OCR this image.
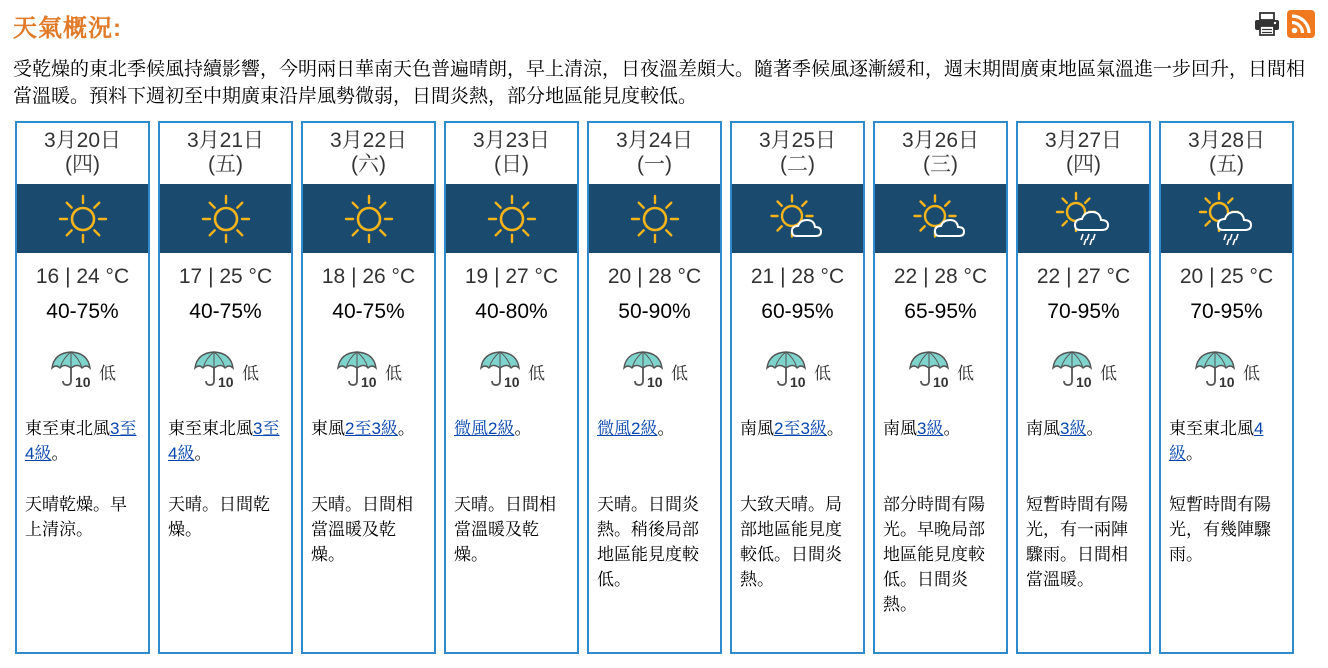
天氣概況:
受乾燥的東北季候風持續影響，今明兩日華南天色普遍晴朗，早上清涼，日夜溫差頗大。隨著季候風逐漸緩和，週末期間廣東地區氣溫進一步回升，日間相當溫暖。預料下週初至中期廣東沿岸風勢微弱，日間炎熱，部分地區能見度較低。
3月20日
(四)
16 | 24 °C
40-75%
10 低
東至東北風3至4級。
天晴乾燥。早上清涼。
3月21日
(五)
17 | 25 °C
40-75%
10 低
東至東北風3至4級。
天晴。日間乾燥。
3月22日
(六)
18 | 26 °C
40-75%
10 低
東風2至3級。
天晴。日間相當溫暖及乾燥。
3月23日
(日)
19 | 27 °C
40-80%
10 低
微風2級。
天晴。日間相當溫暖及乾燥。
3月24日
(一)
20 | 28 °C
50-90%
10 低
微風2級。
天晴。日間炎熱。稍後局部地區能見度較低。
3月25日
(二)
21 | 28 °C
60-95%
10 低
南風2至3級。
大致天晴。局部地區能見度較低。日間炎熱。
3月26日
(三)
22 | 28 °C
65-95%
10 低
南風3級。
部分時間有陽光。早晚局部地區能見度較低。日間炎熱。
3月27日
(四)
22 | 27 °C
70-95%
10 低
南風3級。
短暫時間有陽光，有一兩陣驟雨。日間相當溫暖。
3月28日
(五)
20 | 25 °C
70-95%
10 低
東至東北風4級。
短暫時間有陽光，有幾陣驟雨。
